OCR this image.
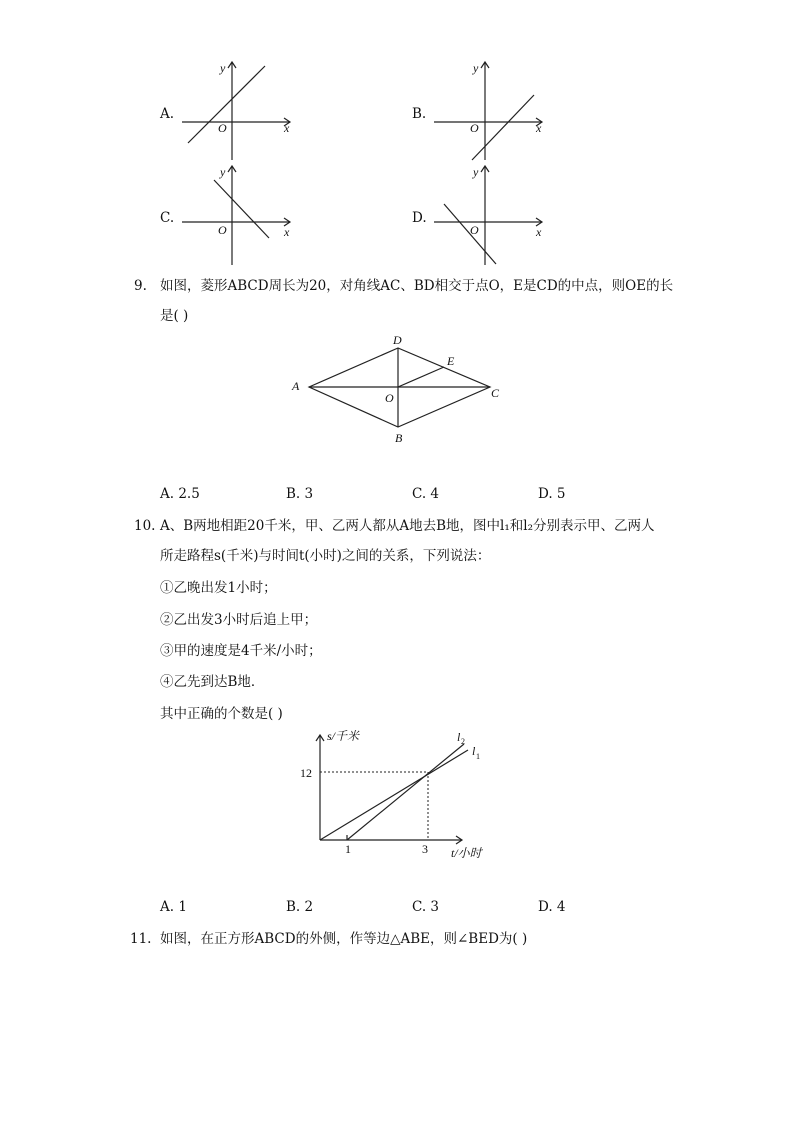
A.
y
x
O
B.
y
x
O
C.
y
x
O
D.
y
x
O
9. 如图，菱形ABCD周长为20，对角线AC、BD相交于点O，E是CD的中点，则OE的长
是( )
A
D
E
C
O
B
A. 2.5	B. 3	C. 4	D. 5
10. A、B两地相距20千米，甲、乙两人都从A地去B地，图中l₁和l₂分别表示甲、乙两人
所走路程s(千米)与时间t(小时)之间的关系，下列说法：
①乙晚出发1小时；
②乙出发3小时后追上甲；
③甲的速度是4千米/小时；
④乙先到达B地．
其中正确的个数是( )
s/千米
t/小时
12
1	3
l 2
l 1
A. 1	B. 2	C. 3	D. 4
11. 如图，在正方形ABCD的外侧，作等边△ABE，则∠BED为( )
